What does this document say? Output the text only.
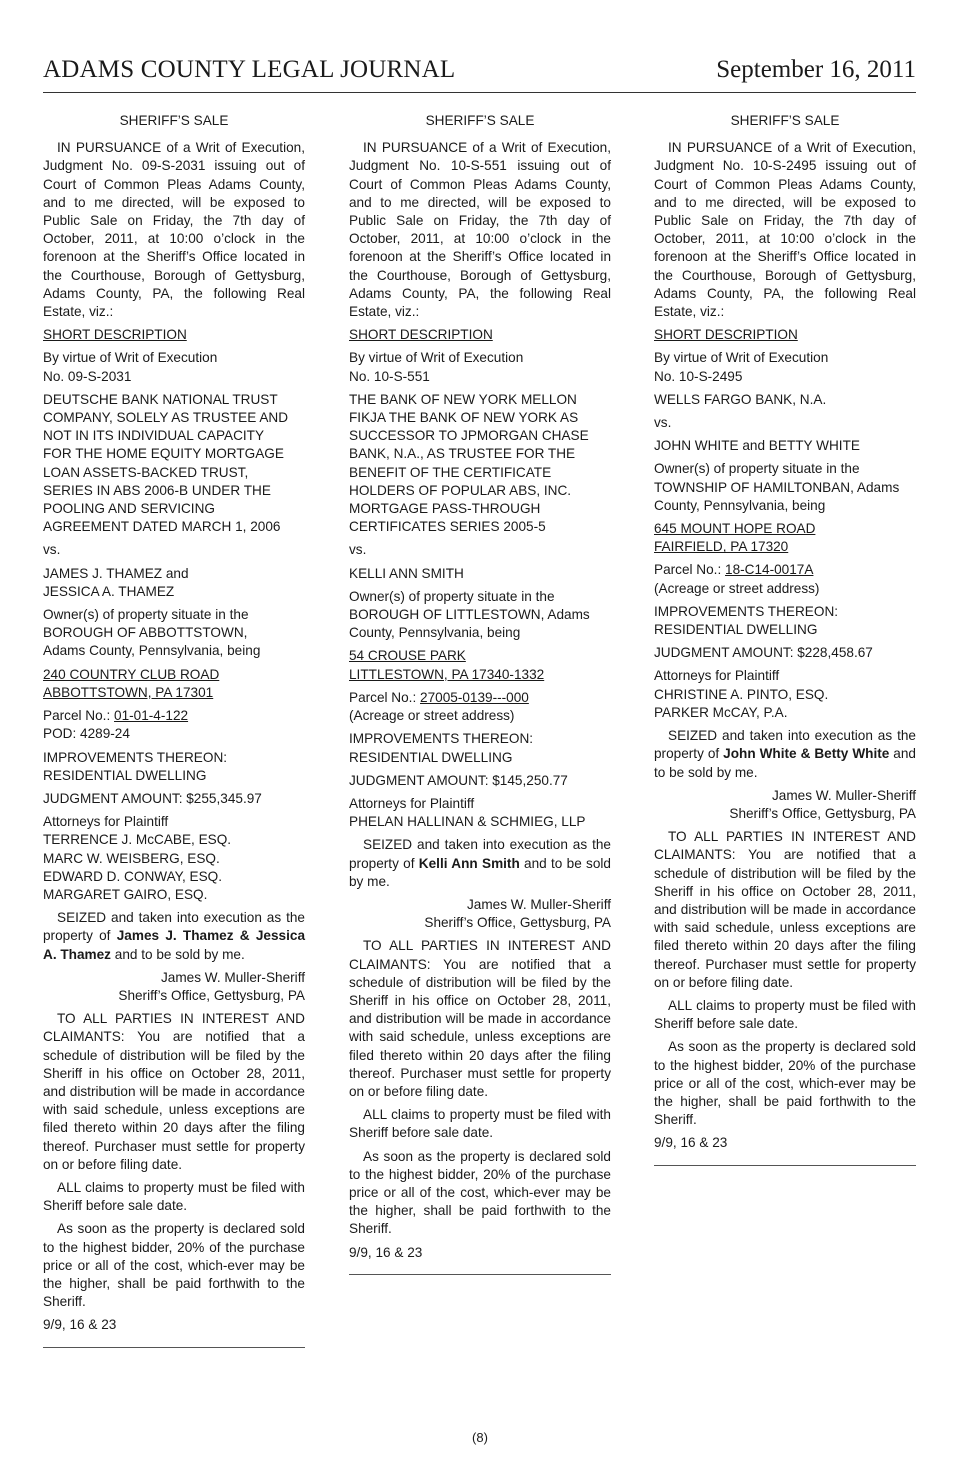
ADAMS COUNTY LEGAL JOURNAL	September 16, 2011

SHERIFF’S SALE

IN PURSUANCE of a Writ of Execution, Judgment No. 09-S-2031 issuing out of Court of Common Pleas Adams County, and to me directed, will be exposed to Public Sale on Friday, the 7th day of October, 2011, at 10:00 o’clock in the forenoon at the Sheriff’s Office located in the Courthouse, Borough of Gettysburg, Adams County, PA, the following Real Estate, viz.:

SHORT DESCRIPTION

By virtue of Writ of Execution
No. 09-S-2031
DEUTSCHE BANK NATIONAL TRUST
COMPANY, SOLELY AS TRUSTEE AND
NOT IN ITS INDIVIDUAL CAPACITY
FOR THE HOME EQUITY MORTGAGE
LOAN ASSETS-BACKED TRUST,
SERIES IN ABS 2006-B UNDER THE
POOLING AND SERVICING
AGREEMENT DATED MARCH 1, 2006

vs.

JAMES J. THAMEZ and
JESSICA A. THAMEZ
Owner(s) of property situate in the
BOROUGH OF ABBOTTSTOWN,
Adams County, Pennsylvania, being
240 COUNTRY CLUB ROAD
ABBOTTSTOWN, PA 17301
Parcel No.: 01-01-4-122
POD: 4289-24
IMPROVEMENTS THEREON:
RESIDENTIAL DWELLING

JUDGMENT AMOUNT: $255,345.97

Attorneys for Plaintiff
TERRENCE J. McCABE, ESQ.
MARC W. WEISBERG, ESQ.
EDWARD D. CONWAY, ESQ.
MARGARET GAIRO, ESQ.

SEIZED and taken into execution as the property of James J. Thamez & Jessica A. Thamez and to be sold by me.

James W. Muller-Sheriff
Sheriff’s Office, Gettysburg, PA

TO ALL PARTIES IN INTEREST AND CLAIMANTS: You are notified that a schedule of distribution will be filed by the Sheriff in his office on October 28, 2011, and distribution will be made in accordance with said schedule, unless exceptions are filed thereto within 20 days after the filing thereof. Purchaser must settle for property on or before filing date.

ALL claims to property must be filed with Sheriff before sale date.

As soon as the property is declared sold to the highest bidder, 20% of the purchase price or all of the cost, which-ever may be the higher, shall be paid forthwith to the Sheriff.

9/9, 16 & 23

SHERIFF’S SALE

IN PURSUANCE of a Writ of Execution, Judgment No. 10-S-551 issuing out of Court of Common Pleas Adams County, and to me directed, will be exposed to Public Sale on Friday, the 7th day of October, 2011, at 10:00 o’clock in the forenoon at the Sheriff’s Office located in the Courthouse, Borough of Gettysburg, Adams County, PA, the following Real Estate, viz.:

SHORT DESCRIPTION

By virtue of Writ of Execution
No. 10-S-551
THE BANK OF NEW YORK MELLON
FIKJA THE BANK OF NEW YORK AS
SUCCESSOR TO JPMORGAN CHASE
BANK, N.A., AS TRUSTEE FOR THE
BENEFIT OF THE CERTIFICATE
HOLDERS OF POPULAR ABS, INC.
MORTGAGE PASS-THROUGH
CERTIFICATES SERIES 2005-5

vs.

KELLI ANN SMITH
Owner(s) of property situate in the
BOROUGH OF LITTLESTOWN, Adams
County, Pennsylvania, being
54 CROUSE PARK
LITTLESTOWN, PA 17340-1332
Parcel No.: 27005-0139---000
(Acreage or street address)
IMPROVEMENTS THEREON:
RESIDENTIAL DWELLING

JUDGMENT AMOUNT: $145,250.77

Attorneys for Plaintiff
PHELAN HALLINAN & SCHMIEG, LLP

SEIZED and taken into execution as the property of Kelli Ann Smith and to be sold by me.

James W. Muller-Sheriff
Sheriff’s Office, Gettysburg, PA

TO ALL PARTIES IN INTEREST AND CLAIMANTS: You are notified that a schedule of distribution will be filed by the Sheriff in his office on October 28, 2011, and distribution will be made in accordance with said schedule, unless exceptions are filed thereto within 20 days after the filing thereof. Purchaser must settle for property on or before filing date.

ALL claims to property must be filed with Sheriff before sale date.

As soon as the property is declared sold to the highest bidder, 20% of the purchase price or all of the cost, which-ever may be the higher, shall be paid forthwith to the Sheriff.

9/9, 16 & 23

SHERIFF’S SALE

IN PURSUANCE of a Writ of Execution, Judgment No. 10-S-2495 issuing out of Court of Common Pleas Adams County, and to me directed, will be exposed to Public Sale on Friday, the 7th day of October, 2011, at 10:00 o’clock in the forenoon at the Sheriff’s Office located in the Courthouse, Borough of Gettysburg, Adams County, PA, the following Real Estate, viz.:

SHORT DESCRIPTION

By virtue of Writ of Execution
No. 10-S-2495
WELLS FARGO BANK, N.A.

vs.

JOHN WHITE and BETTY WHITE
Owner(s) of property situate in the
TOWNSHIP OF HAMILTONBAN, Adams
County, Pennsylvania, being
645 MOUNT HOPE ROAD
FAIRFIELD, PA 17320
Parcel No.: 18-C14-0017A
(Acreage or street address)
IMPROVEMENTS THEREON:
RESIDENTIAL DWELLING

JUDGMENT AMOUNT: $228,458.67

Attorneys for Plaintiff
CHRISTINE A. PINTO, ESQ.
PARKER McCAY, P.A.

SEIZED and taken into execution as the property of John White & Betty White and to be sold by me.

James W. Muller-Sheriff
Sheriff’s Office, Gettysburg, PA

TO ALL PARTIES IN INTEREST AND CLAIMANTS: You are notified that a schedule of distribution will be filed by the Sheriff in his office on October 28, 2011, and distribution will be made in accordance with said schedule, unless exceptions are filed thereto within 20 days after the filing thereof. Purchaser must settle for property on or before filing date.

ALL claims to property must be filed with Sheriff before sale date.

As soon as the property is declared sold to the highest bidder, 20% of the purchase price or all of the cost, which-ever may be the higher, shall be paid forthwith to the Sheriff.

9/9, 16 & 23

(8)
